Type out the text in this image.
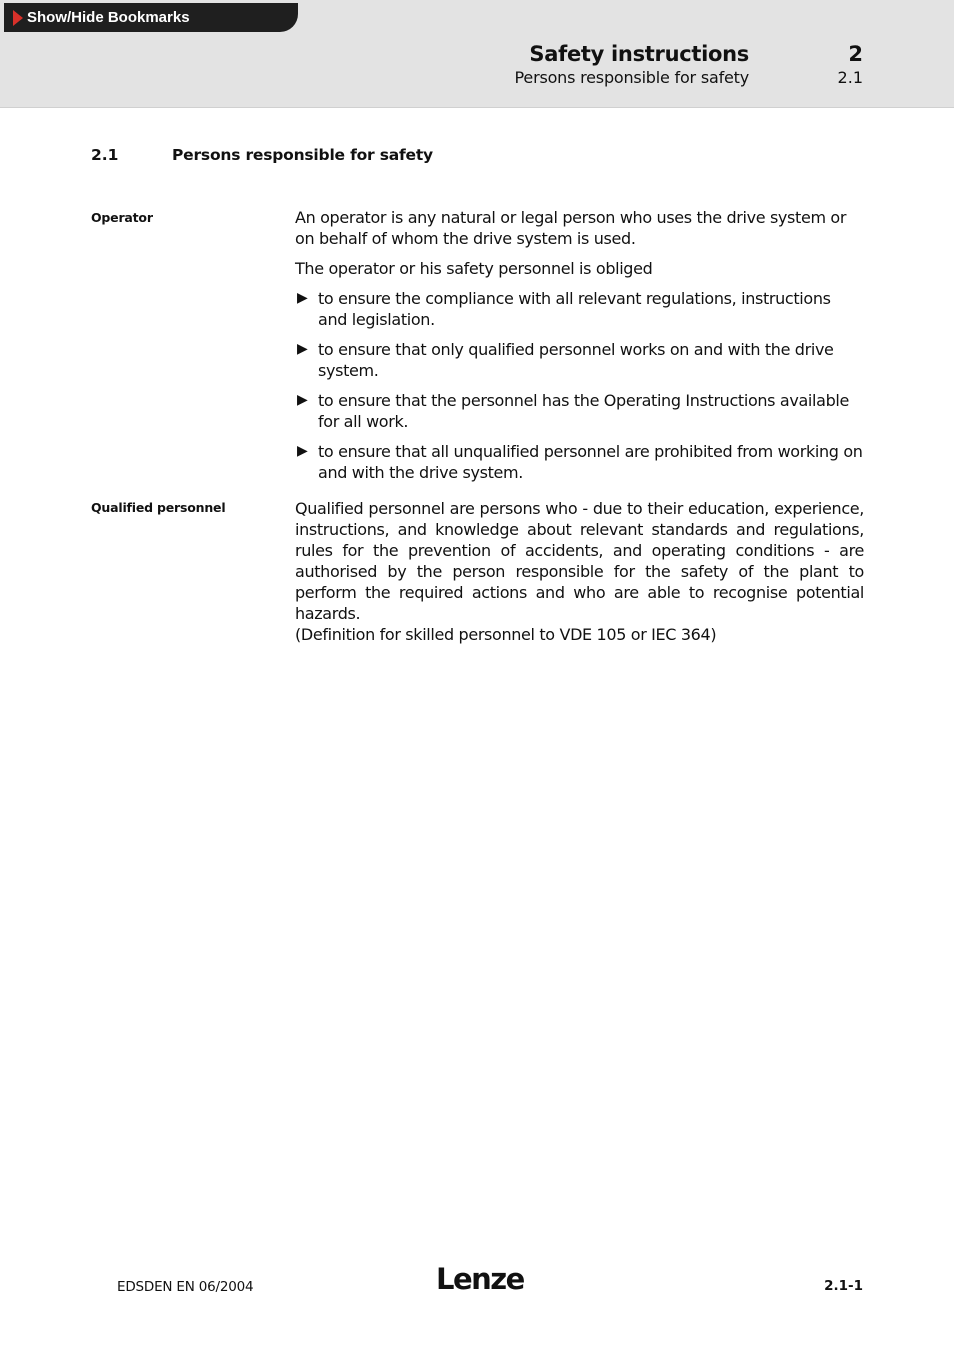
Show/Hide Bookmarks
Safety instructions
Persons responsible for safety
2
2.1
2.1	Persons responsible for safety
Operator	An operator is any natural or legal person who uses the drive system or on behalf of whom the drive system is used.

The operator or his safety personnel is obliged

▶ to ensure the compliance with all relevant regulations, instructions and legislation.
▶ to ensure that only qualified personnel works on and with the drive system.
▶ to ensure that the personnel has the Operating Instructions available for all work.
▶ to ensure that all unqualified personnel are prohibited from working on and with the drive system.
Qualified personnel	Qualified personnel are persons who - due to their education, experience, instructions, and knowledge about relevant standards and regulations, rules for the prevention of accidents, and operating conditions - are authorised by the person responsible for the safety of the plant to perform the required actions and who are able to recognise potential hazards.
(Definition for skilled personnel to VDE 105 or IEC 364)
EDSDEN EN 06/2004	Lenze	2.1-1
